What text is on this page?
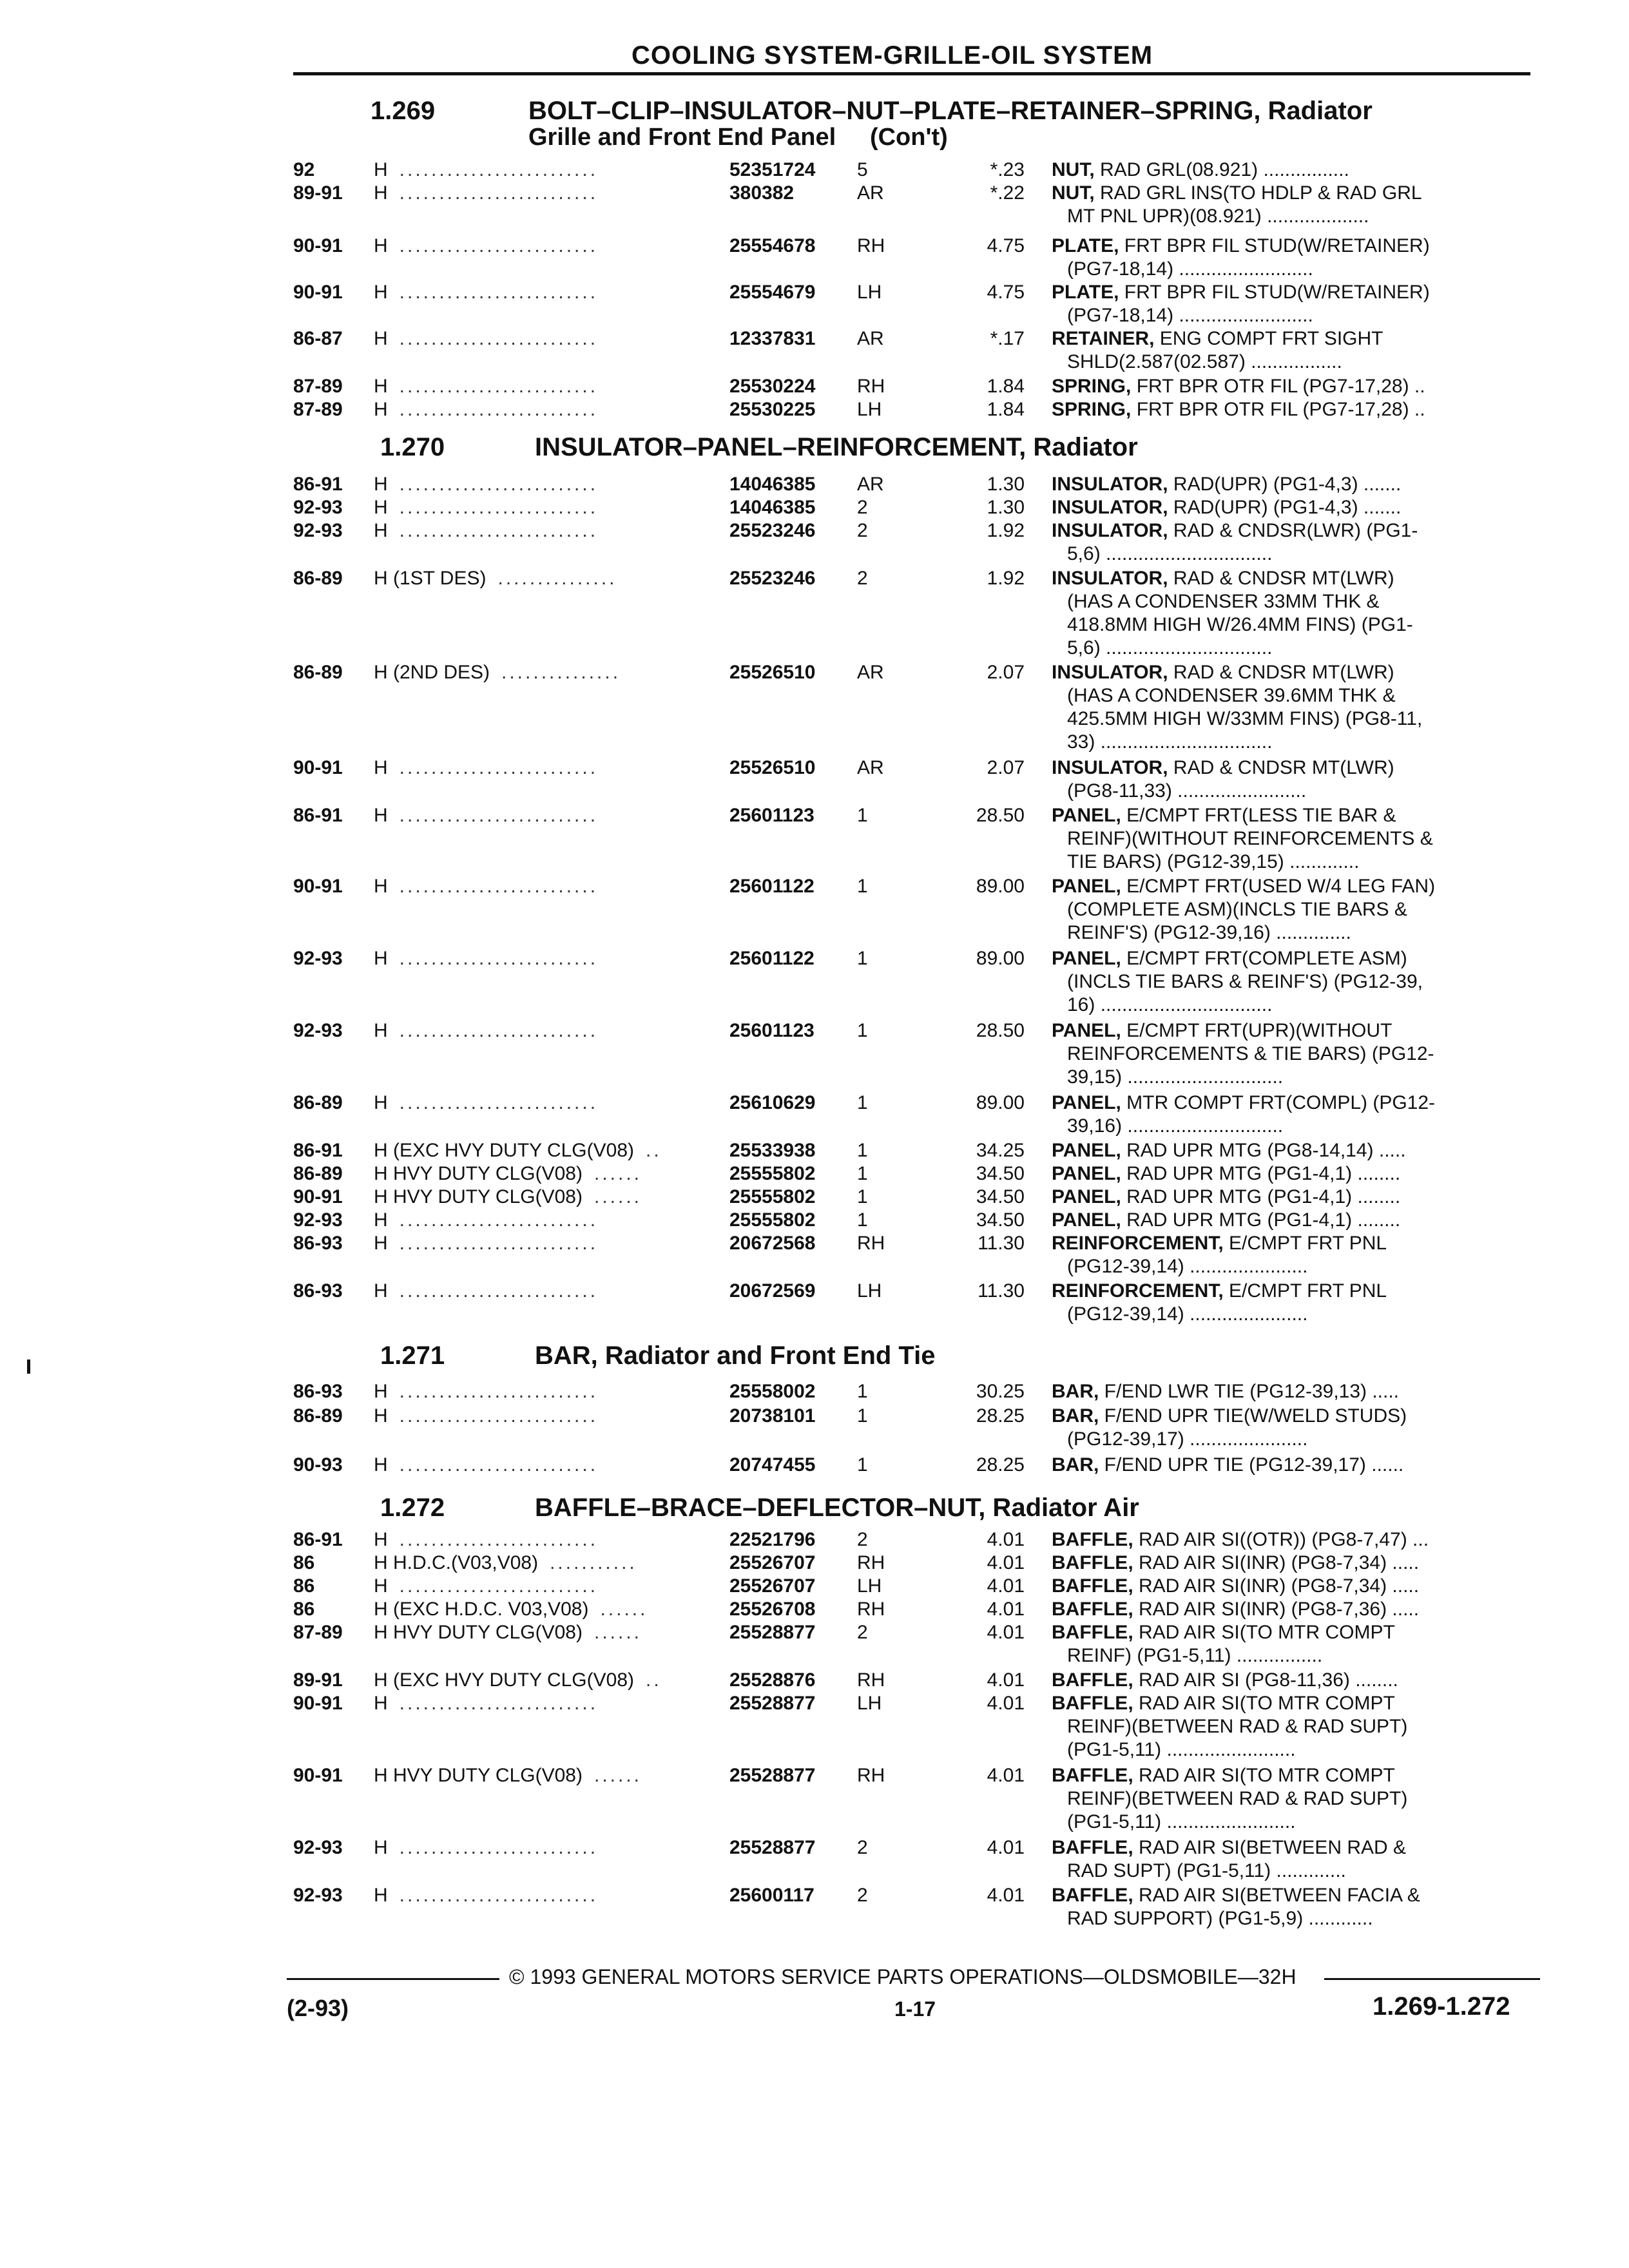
COOLING SYSTEM-GRILLE-OIL SYSTEM
1.269	BOLT–CLIP–INSULATOR–NUT–PLATE–RETAINER–SPRING, Radiator
Grille and Front End Panel     (Con't)
1.270	INSULATOR–PANEL–REINFORCEMENT, Radiator
1.271	BAR, Radiator and Front End Tie
1.272	BAFFLE–BRACE–DEFLECTOR–NUT, Radiator Air
92	H .........................	52351724 5	*.23 NUT, RAD GRL(08.921) ................
89-91 H .........................	380382	AR	*.22 NUT, RAD GRL INS(TO HDLP & RAD GRL
MT PNL UPR)(08.921) ...................
90-91 H .........................	25554678 RH	4.75 PLATE, FRT BPR FIL STUD(W/RETAINER)
(PG7-18,14) .........................
90-91 H .........................	25554679 LH	4.75 PLATE, FRT BPR FIL STUD(W/RETAINER)
(PG7-18,14) .........................
86-87 H .........................	12337831 AR	*.17 RETAINER, ENG COMPT FRT SIGHT
SHLD(2.587(02.587) .................
87-89 H .........................	25530224 RH	1.84 SPRING, FRT BPR OTR FIL (PG7-17,28) ..
87-89 H .........................	25530225 LH	1.84 SPRING, FRT BPR OTR FIL (PG7-17,28) ..
86-91 H .........................	14046385 AR	1.30 INSULATOR, RAD(UPR) (PG1-4,3) .......
92-93 H .........................	14046385 2	1.30 INSULATOR, RAD(UPR) (PG1-4,3) .......
92-93 H .........................	25523246 2	1.92 INSULATOR, RAD & CNDSR(LWR) (PG1-
5,6) ...............................
86-89 H (1ST DES) ...............	25523246 2	1.92 INSULATOR, RAD & CNDSR MT(LWR)
(HAS A CONDENSER 33MM THK &
418.8MM HIGH W/26.4MM FINS) (PG1-
5,6) ...............................
86-89 H (2ND DES) ...............	25526510 AR	2.07 INSULATOR, RAD & CNDSR MT(LWR)
(HAS A CONDENSER 39.6MM THK &
425.5MM HIGH W/33MM FINS) (PG8-11,
33) ................................
90-91 H .........................	25526510 AR	2.07 INSULATOR, RAD & CNDSR MT(LWR)
(PG8-11,33) ........................
86-91 H .........................	25601123 1	28.50 PANEL, E/CMPT FRT(LESS TIE BAR &
REINF)(WITHOUT REINFORCEMENTS &
TIE BARS) (PG12-39,15) .............
90-91 H .........................	25601122 1	89.00 PANEL, E/CMPT FRT(USED W/4 LEG FAN)
(COMPLETE ASM)(INCLS TIE BARS &
REINF'S) (PG12-39,16) ..............
92-93 H .........................	25601122 1	89.00 PANEL, E/CMPT FRT(COMPLETE ASM)
(INCLS TIE BARS & REINF'S) (PG12-39,
16) ................................
92-93 H .........................	25601123 1	28.50 PANEL, E/CMPT FRT(UPR)(WITHOUT
REINFORCEMENTS & TIE BARS) (PG12-
39,15) .............................
86-89 H .........................	25610629 1	89.00 PANEL, MTR COMPT FRT(COMPL) (PG12-
39,16) .............................
86-91 H (EXC HVY DUTY CLG(V08) ..	25533938 1	34.25 PANEL, RAD UPR MTG (PG8-14,14) .....
86-89 H HVY DUTY CLG(V08) ......	25555802 1	34.50 PANEL, RAD UPR MTG (PG1-4,1) ........
90-91 H HVY DUTY CLG(V08) ......	25555802 1	34.50 PANEL, RAD UPR MTG (PG1-4,1) ........
92-93 H .........................	25555802 1	34.50 PANEL, RAD UPR MTG (PG1-4,1) ........
86-93 H .........................	20672568 RH	11.30 REINFORCEMENT, E/CMPT FRT PNL
(PG12-39,14) ......................
86-93 H .........................	20672569 LH	11.30 REINFORCEMENT, E/CMPT FRT PNL
(PG12-39,14) ......................
86-93 H .........................	25558002 1	30.25 BAR, F/END LWR TIE (PG12-39,13) .....
86-89 H .........................	20738101 1	28.25 BAR, F/END UPR TIE(W/WELD STUDS)
(PG12-39,17) ......................
90-93 H .........................	20747455 1	28.25 BAR, F/END UPR TIE (PG12-39,17) ......
86-91 H .........................	22521796 2	4.01 BAFFLE, RAD AIR SI((OTR)) (PG8-7,47) ...
86	H H.D.C.(V03,V08) ...........	25526707 RH	4.01 BAFFLE, RAD AIR SI(INR) (PG8-7,34) .....
86	H .........................	25526707 LH	4.01 BAFFLE, RAD AIR SI(INR) (PG8-7,34) .....
86	H (EXC H.D.C. V03,V08) ......	25526708 RH	4.01 BAFFLE, RAD AIR SI(INR) (PG8-7,36) .....
87-89 H HVY DUTY CLG(V08) ......	25528877 2	4.01 BAFFLE, RAD AIR SI(TO MTR COMPT
REINF) (PG1-5,11) ................
89-91 H (EXC HVY DUTY CLG(V08) ..	25528876 RH	4.01 BAFFLE, RAD AIR SI (PG8-11,36) ........
90-91 H .........................	25528877 LH	4.01 BAFFLE, RAD AIR SI(TO MTR COMPT
REINF)(BETWEEN RAD & RAD SUPT)
(PG1-5,11) ........................
90-91 H HVY DUTY CLG(V08) ......	25528877 RH	4.01 BAFFLE, RAD AIR SI(TO MTR COMPT
REINF)(BETWEEN RAD & RAD SUPT)
(PG1-5,11) ........................
92-93 H .........................	25528877 2	4.01 BAFFLE, RAD AIR SI(BETWEEN RAD &
RAD SUPT) (PG1-5,11) .............
92-93 H .........................	25600117 2	4.01 BAFFLE, RAD AIR SI(BETWEEN FACIA &
RAD SUPPORT) (PG1-5,9) ............
© 1993 GENERAL MOTORS SERVICE PARTS OPERATIONS—OLDSMOBILE—32H
(2-93)	1-17	1.269-1.272
